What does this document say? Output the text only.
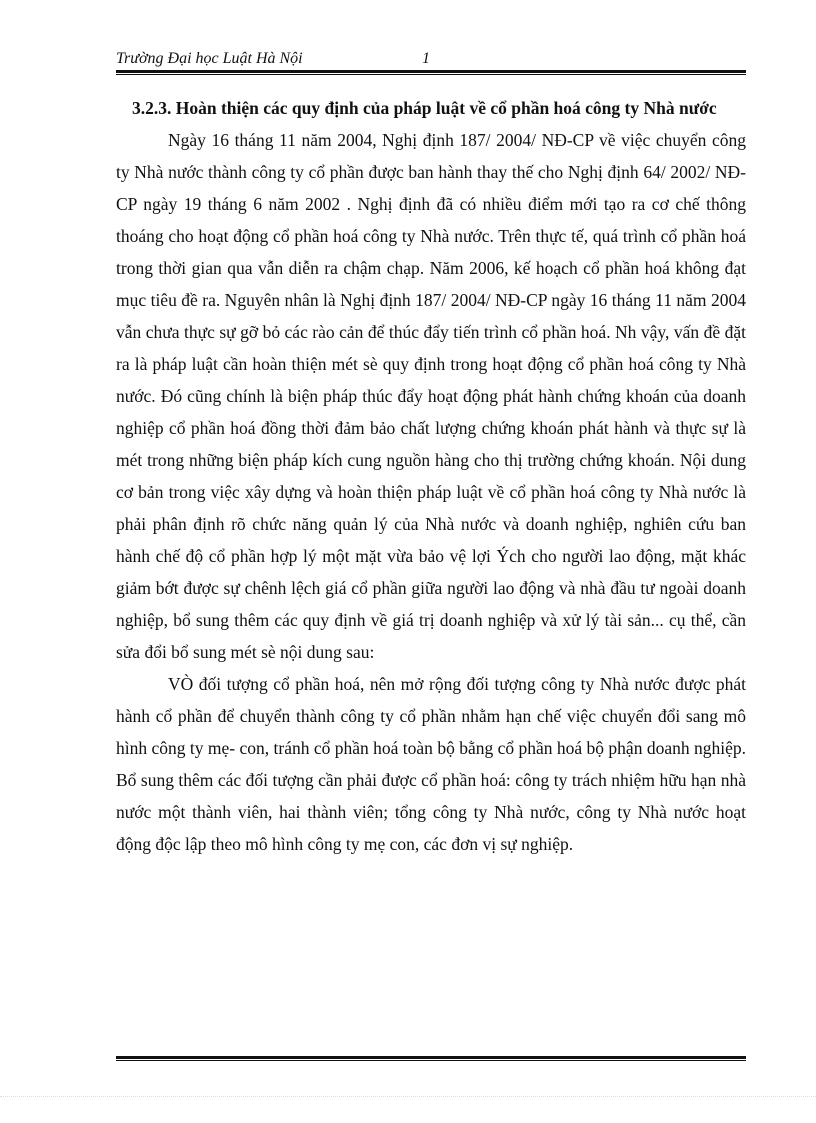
Trường Đại học Luật Hà Nội	1

3.2.3. Hoàn thiện các quy định của pháp luật về cổ phần hoá công ty Nhà nước

Ngày 16 tháng 11 năm 2004, Nghị định 187/ 2004/ NĐ-CP về việc chuyển công ty Nhà nước thành công ty cổ phần được ban hành thay thế cho Nghị định 64/ 2002/ NĐ-CP ngày 19 tháng 6 năm 2002 . Nghị định đã có nhiều điểm mới tạo ra cơ chế thông thoáng cho hoạt động cổ phần hoá công ty Nhà nước. Trên thực tế, quá trình cổ phần hoá trong thời gian qua vẫn diễn ra chậm chạp. Năm 2006, kế hoạch cổ phần hoá không đạt mục tiêu đề ra. Nguyên nhân là Nghị định 187/ 2004/ NĐ-CP ngày 16 tháng 11 năm 2004 vẫn chưa thực sự gỡ bỏ các rào cản để thúc đẩy tiến trình cổ phần hoá. Nh vậy, vấn đề đặt ra là pháp luật cần hoàn thiện mét sè quy định trong hoạt động cổ phần hoá công ty Nhà nước. Đó cũng chính là biện pháp thúc đẩy hoạt động phát hành chứng khoán của doanh nghiệp cổ phần hoá đồng thời đảm bảo chất lượng chứng khoán phát hành và thực sự là mét trong những biện pháp kích cung nguồn hàng cho thị trường chứng khoán. Nội dung cơ bản trong việc xây dựng và hoàn thiện pháp luật về cổ phần hoá công ty Nhà nước là phải phân định rõ chức năng quản lý của Nhà nước và doanh nghiệp, nghiên cứu ban hành chế độ cổ phần hợp lý một mặt vừa bảo vệ lợi Ých cho người lao động, mặt khác giảm bớt được sự chênh lệch giá cổ phần giữa người lao động và nhà đầu tư ngoài doanh nghiệp, bổ sung thêm các quy định về giá trị doanh nghiệp và xử lý tài sản... cụ thể, cần sửa đổi bổ sung mét sè nội dung sau:

VÒ đối tượng cổ phần hoá, nên mở rộng đối tượng công ty Nhà nước được phát hành cổ phần để chuyển thành công ty cổ phần nhằm hạn chế việc chuyển đổi sang mô hình công ty mẹ- con, tránh cổ phần hoá toàn bộ bằng cổ phần hoá bộ phận doanh nghiệp. Bổ sung thêm các đối tượng cần phải được cổ phần hoá: công ty trách nhiệm hữu hạn nhà nước một thành viên, hai thành viên; tổng công ty Nhà nước, công ty Nhà nước hoạt động độc lập theo mô hình công ty mẹ con, các đơn vị sự nghiệp.
